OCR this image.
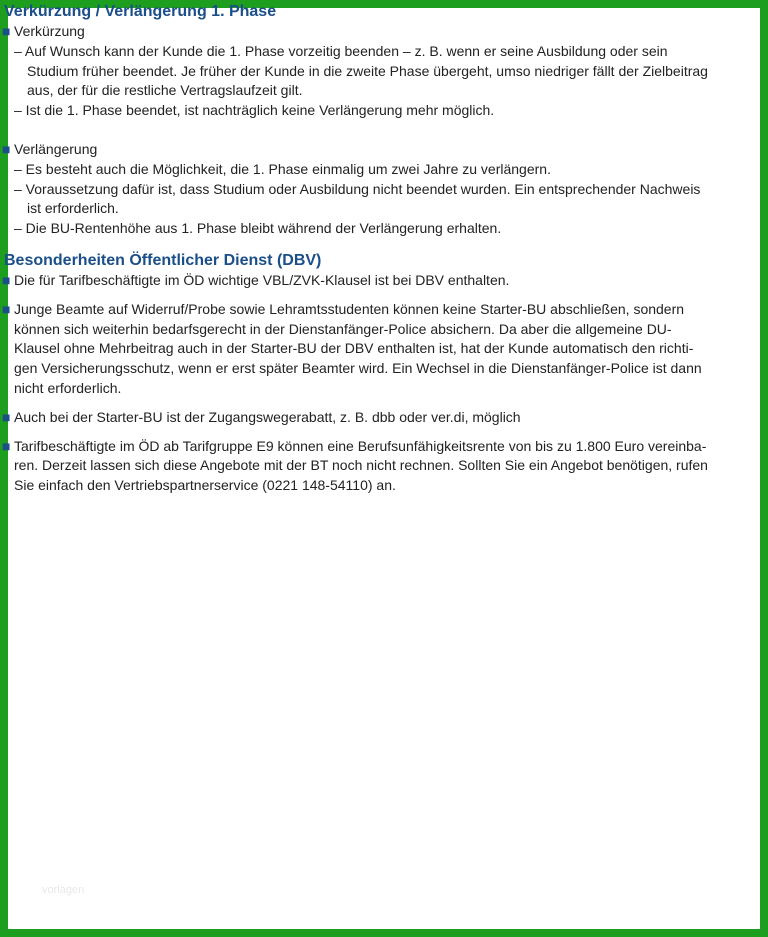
Verkürzung / Verlängerung 1. Phase
■ Verkürzung
– Auf Wunsch kann der Kunde die 1. Phase vorzeitig beenden – z. B. wenn er seine Ausbildung oder sein
Studium früher beendet. Je früher der Kunde in die zweite Phase übergeht, umso niedriger fällt der Zielbeitrag
aus, der für die restliche Vertragslaufzeit gilt.
– Ist die 1. Phase beendet, ist nachträglich keine Verlängerung mehr möglich.
■ Verlängerung
– Es besteht auch die Möglichkeit, die 1. Phase einmalig um zwei Jahre zu verlängern.
– Voraussetzung dafür ist, dass Studium oder Ausbildung nicht beendet wurden. Ein entsprechender Nachweis
ist erforderlich.
– Die BU-Rentenhöhe aus 1. Phase bleibt während der Verlängerung erhalten.
Besonderheiten Öffentlicher Dienst (DBV)
■ Die für Tarifbeschäftigte im ÖD wichtige VBL/ZVK-Klausel ist bei DBV enthalten.
■ Junge Beamte auf Widerruf/Probe sowie Lehramtsstudenten können keine Starter-BU abschließen, sondern
können sich weiterhin bedarfsgerecht in der Dienstanfänger-Police absichern. Da aber die allgemeine DU-
Klausel ohne Mehrbeitrag auch in der Starter-BU der DBV enthalten ist, hat der Kunde automatisch den richti-
gen Versicherungsschutz, wenn er erst später Beamter wird. Ein Wechsel in die Dienstanfänger-Police ist dann
nicht erforderlich.
■ Auch bei der Starter-BU ist der Zugangswegerabatt, z. B. dbb oder ver.di, möglich
■ Tarifbeschäftigte im ÖD ab Tarifgruppe E9 können eine Berufsunfähigkeitsrente von bis zu 1.800 Euro vereinba-
ren. Derzeit lassen sich diese Angebote mit der BT noch nicht rechnen. Sollten Sie ein Angebot benötigen, rufen
Sie einfach den Vertriebspartnerservice (0221 148-54110) an.
vorlagen
